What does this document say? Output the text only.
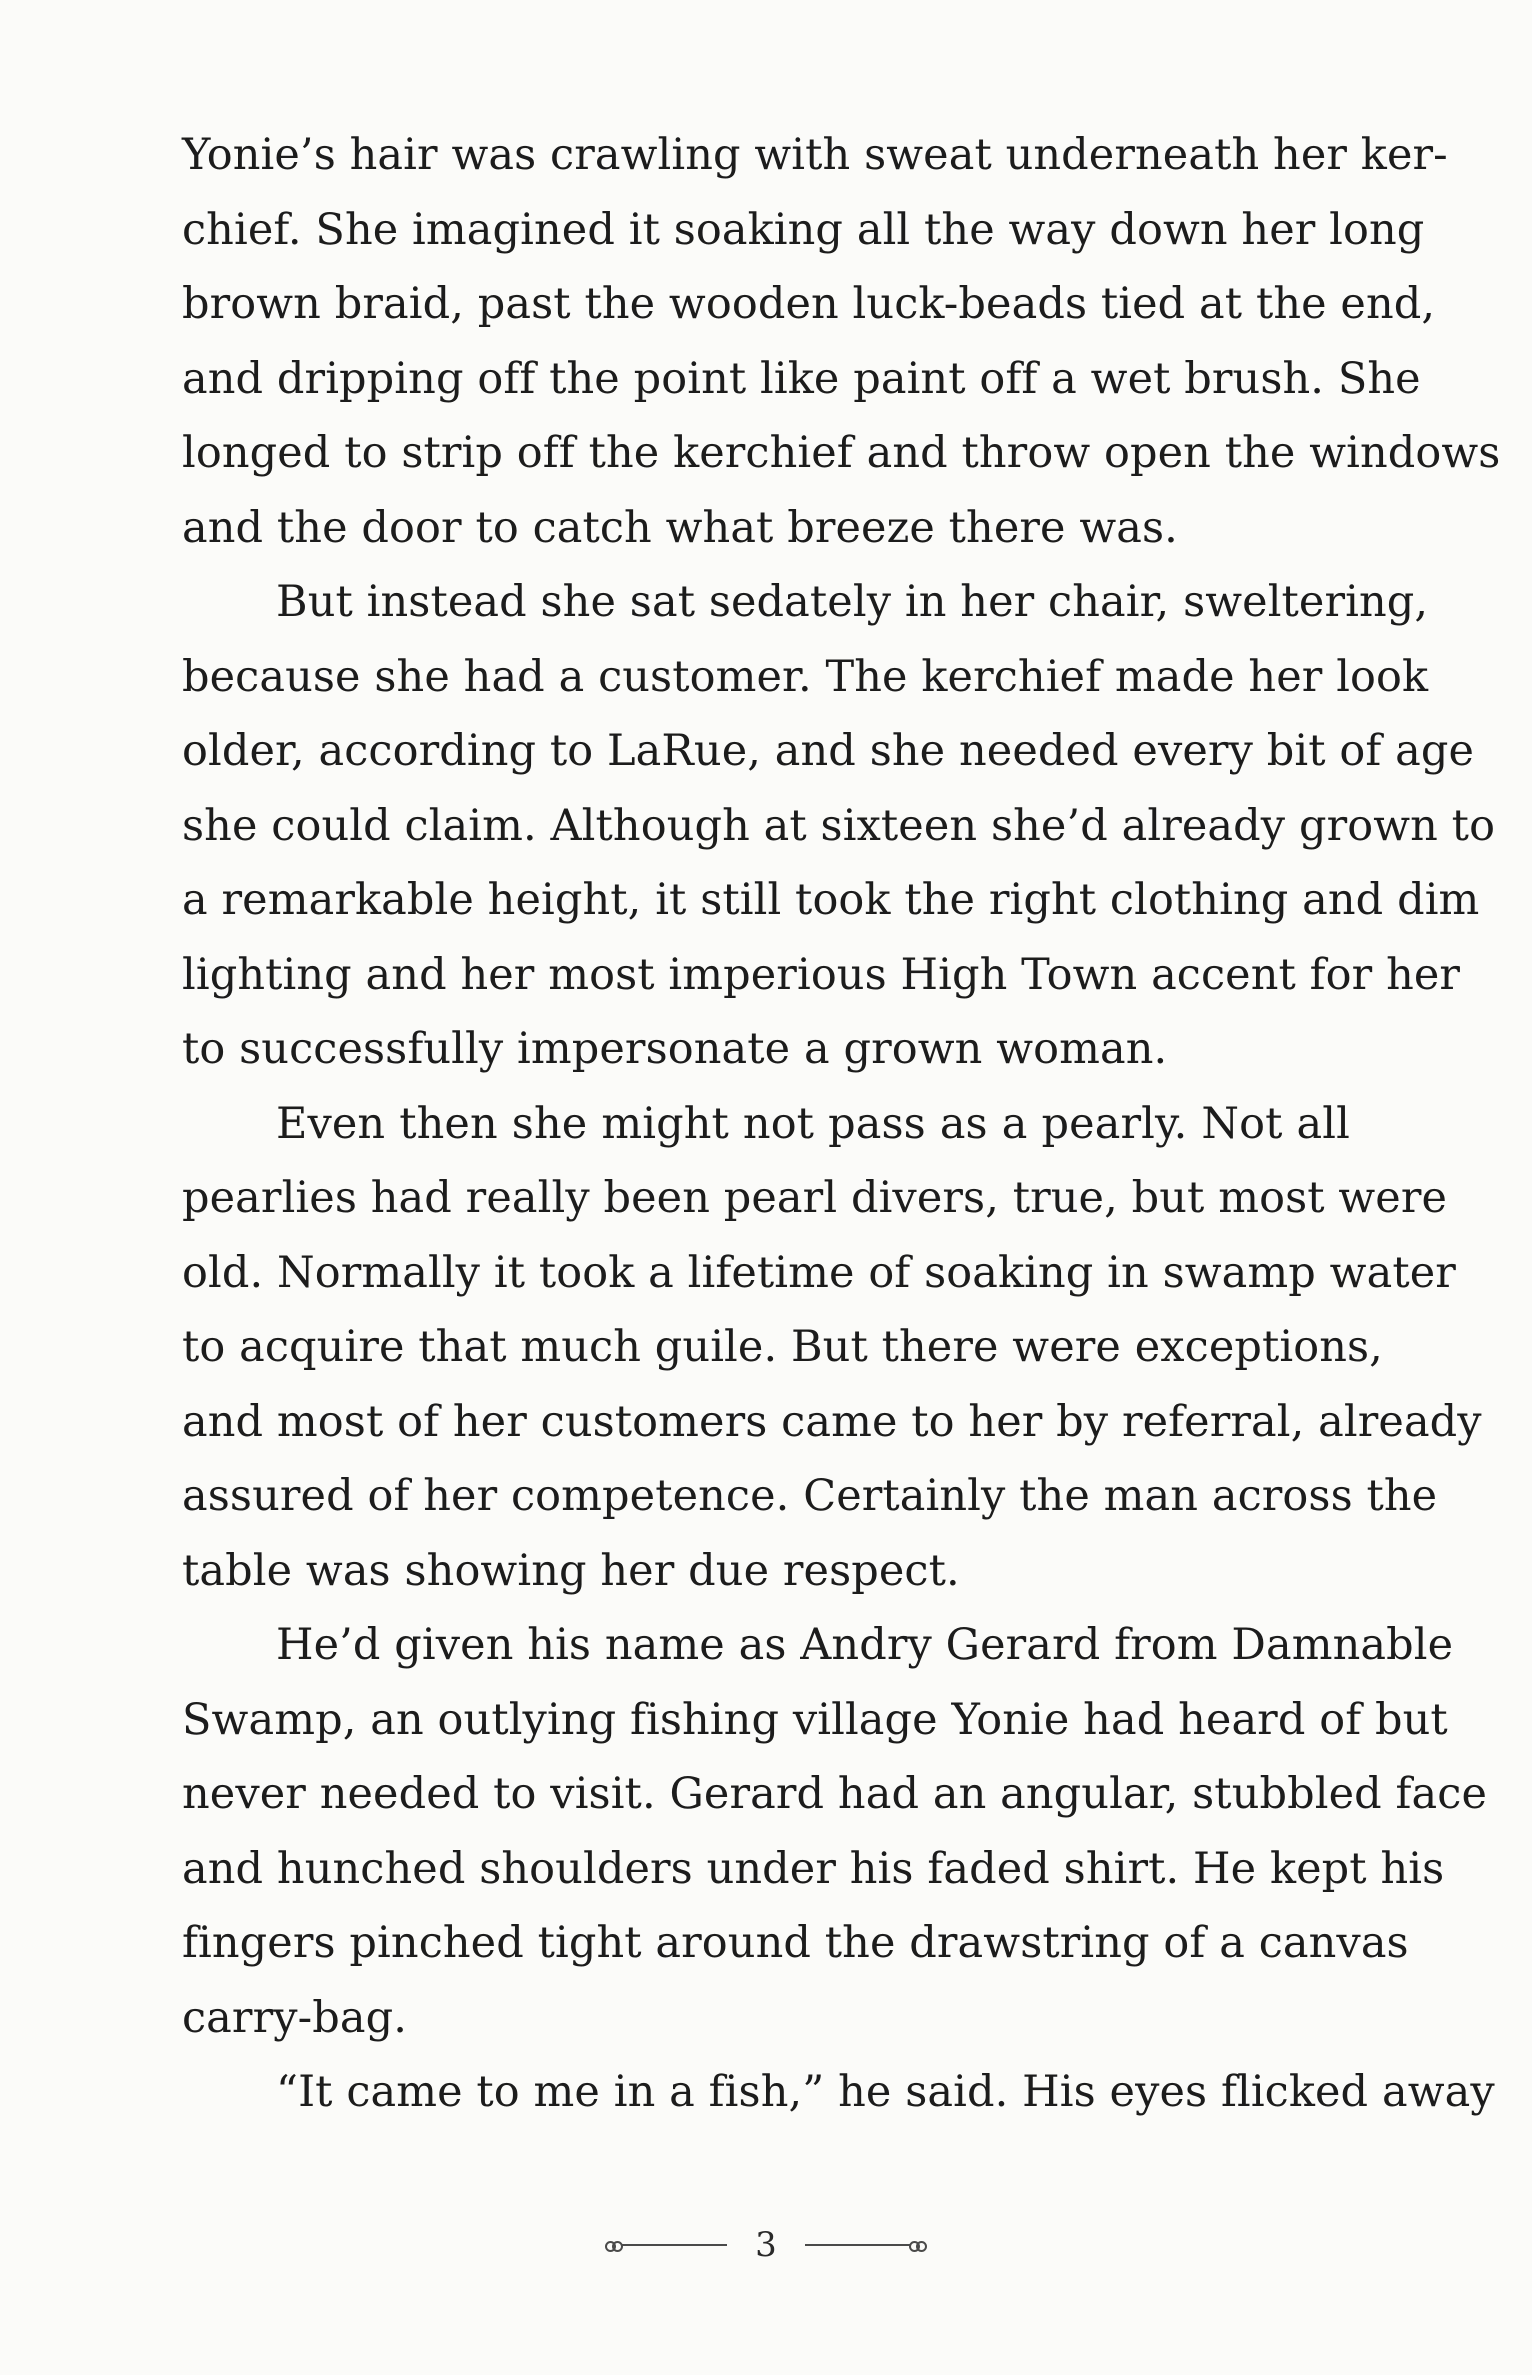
Yonie’s hair was crawling with sweat underneath her ker-
chief. She imagined it soaking all the way down her long
brown braid, past the wooden luck-beads tied at the end,
and dripping off the point like paint off a wet brush. She
longed to strip off the kerchief and throw open the windows
and the door to catch what breeze there was.
But instead she sat sedately in her chair, sweltering,
because she had a customer. The kerchief made her look
older, according to LaRue, and she needed every bit of age
she could claim. Although at sixteen she’d already grown to
a remarkable height, it still took the right clothing and dim
lighting and her most imperious High Town accent for her
to successfully impersonate a grown woman.
Even then she might not pass as a pearly. Not all
pearlies had really been pearl divers, true, but most were
old. Normally it took a lifetime of soaking in swamp water
to acquire that much guile. But there were exceptions,
and most of her customers came to her by referral, already
assured of her competence. Certainly the man across the
table was showing her due respect.
He’d given his name as Andry Gerard from Damnable
Swamp, an outlying fishing village Yonie had heard of but
never needed to visit. Gerard had an angular, stubbled face
and hunched shoulders under his faded shirt. He kept his
fingers pinched tight around the drawstring of a canvas
carry-bag.
“It came to me in a fish,” he said. His eyes flicked away
3
